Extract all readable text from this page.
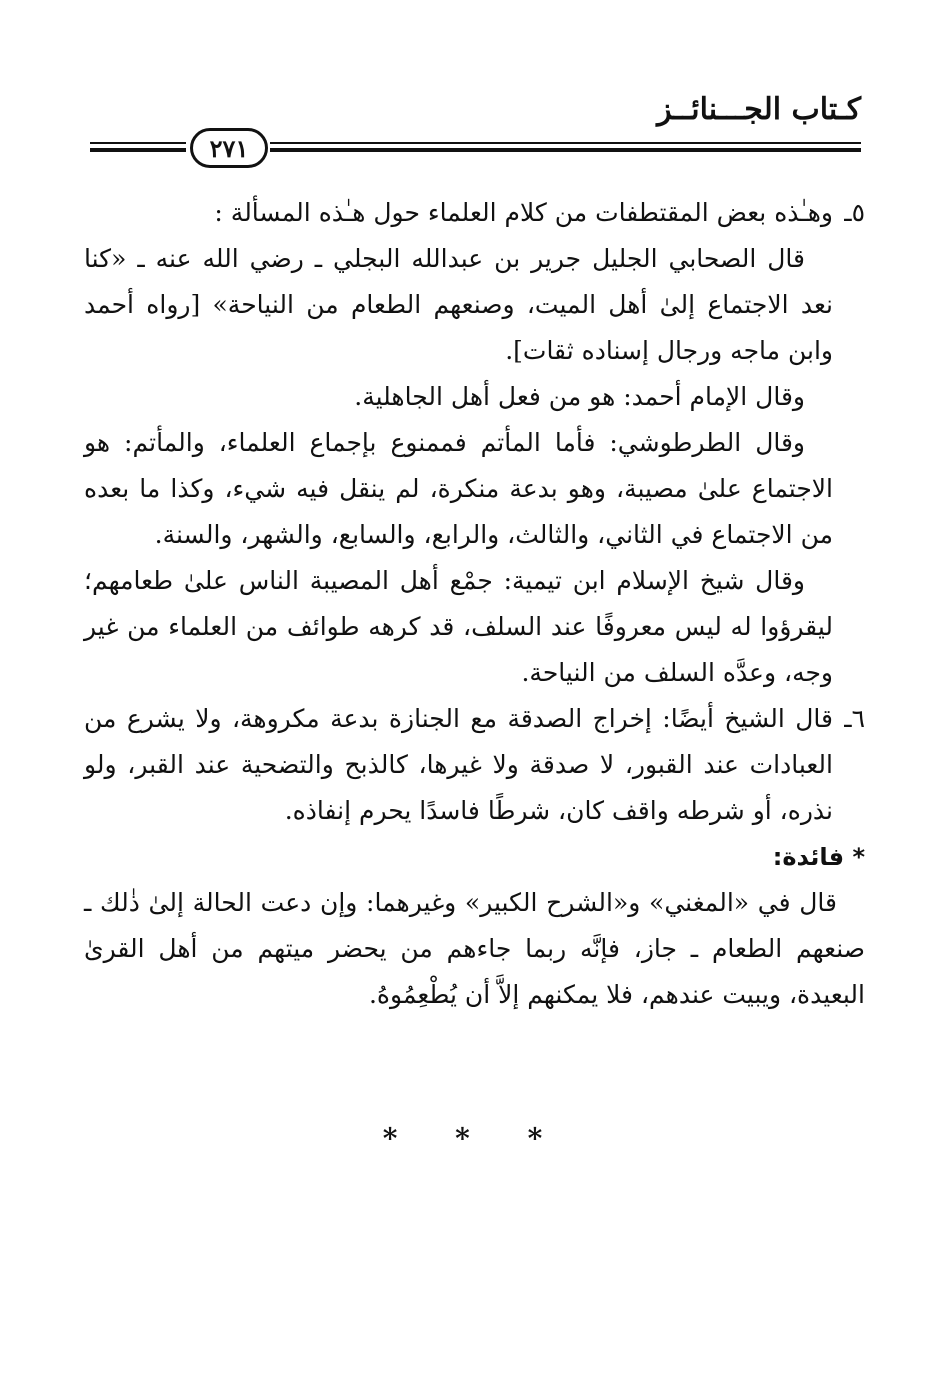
كـتاب الجـــنائــز
٢٧١

٥ـوهـٰذه بعض المقتطفات من كلام العلماء حول هـٰذه المسألة :

قال الصحابي الجليل جرير بن عبدالله البجلي ـ رضي الله عنه ـ «كنا نعد الاجتماع إلىٰ أهل الميت، وصنعهم الطعام من النياحة» [رواه أحمد وابن ماجه ورجال إسناده ثقات].

وقال الإمام أحمد: هو من فعل أهل الجاهلية.

وقال الطرطوشي: فأما المأتم فممنوع بإجماع العلماء، والمأتم: هو الاجتماع علىٰ مصيبة، وهو بدعة منكرة، لم ينقل فيه شيء، وكذا ما بعده من الاجتماع في الثاني، والثالث، والرابع، والسابع، والشهر، والسنة.

وقال شيخ الإسلام ابن تيمية: جمْع أهل المصيبة الناس علىٰ طعامهم؛ ليقرؤوا له ليس معروفًا عند السلف، قد كرهه طوائف من العلماء من غير وجه، وعدَّه السلف من النياحة.

٦ـقال الشيخ أيضًا: إخراج الصدقة مع الجنازة بدعة مكروهة، ولا يشرع من العبادات عند القبور، لا صدقة ولا غيرها، كالذبح والتضحية عند القبر، ولو نذره، أو شرطه واقف كان، شرطًا فاسدًا يحرم إنفاذه.

* فائدة:

قال في «المغني» و«الشرح الكبير» وغيرهما: وإن دعت الحالة إلىٰ ذٰلك ـ صنعهم الطعام ـ جاز، فإنَّه ربما جاءهم من يحضر ميتهم من أهل القرىٰ البعيدة، ويبيت عندهم، فلا يمكنهم إلاَّ أن يُطْعِمُوهُ.

* * *
